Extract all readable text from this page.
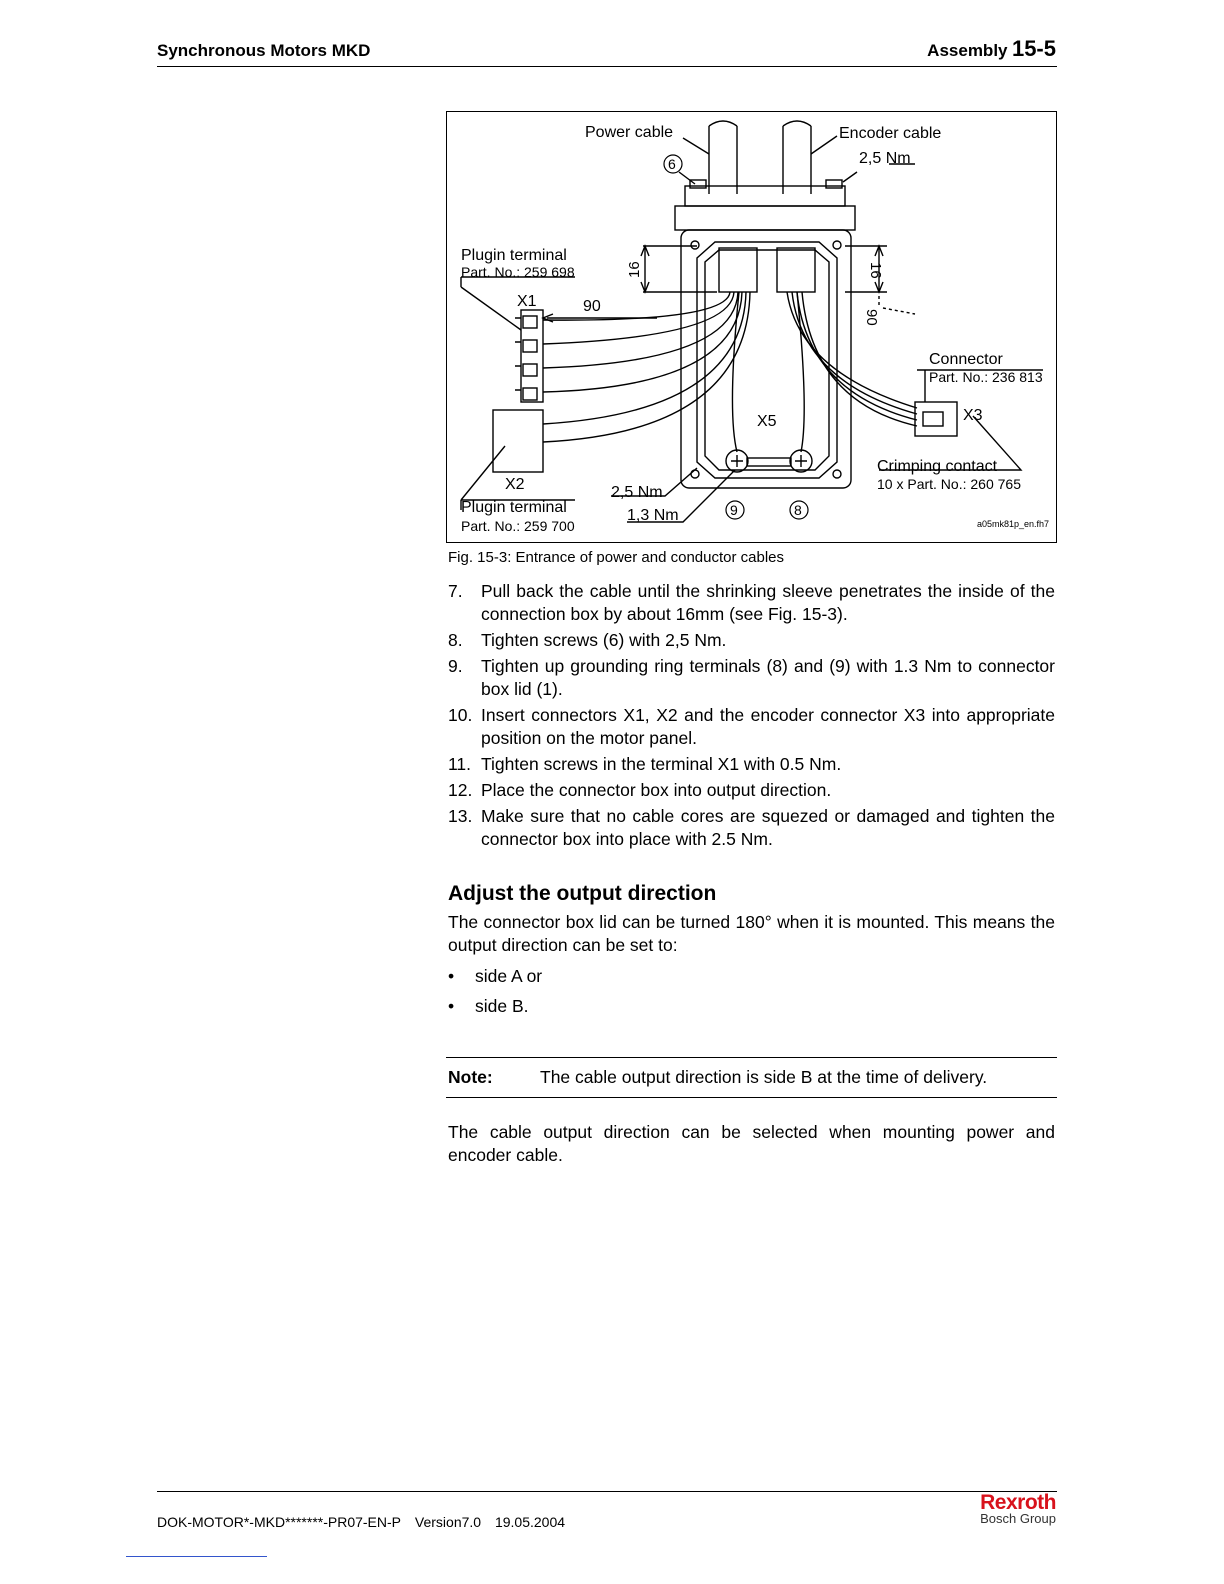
Synchronous Motors MKD	Assembly 15-5
Power cable	Encoder cable
2,5 Nm
6
Plugin terminal
Part. No.: 259 698
X1	90
16	16
90
Connector
Part. No.: 236 813
X3
X5
X2
Crimping contact
10 x Part. No.: 260 765
2,5 Nm
Plugin terminal	1,3 Nm
Part. No.: 259 700
9	8
a05mk81p_en.fh7
Fig. 15-3: Entrance of power and conductor cables
7. Pull back the cable until the shrinking sleeve penetrates the inside of the connection box by about 16mm (see Fig. 15-3).
8. Tighten screws (6) with 2,5 Nm.
9. Tighten up grounding ring terminals (8) and (9) with 1.3 Nm to connector box lid (1).
10. Insert connectors X1, X2 and the encoder connector X3 into appropriate position on the motor panel.
11. Tighten screws in the terminal X1 with 0.5 Nm.
12. Place the connector box into output direction.
13. Make sure that no cable cores are squezed or damaged and tighten the connector box into place with 2.5 Nm.
Adjust the output direction

The connector box lid can be turned 180° when it is mounted. This means the output direction can be set to:

• side A or
• side B.
Note:	The cable output direction is side B at the time of delivery.
The cable output direction can be selected when mounting power and encoder cable.
DOK-MOTOR*-MKD*******-PR07-EN-P Version7.0 19.05.2004
Rexroth
Bosch Group
